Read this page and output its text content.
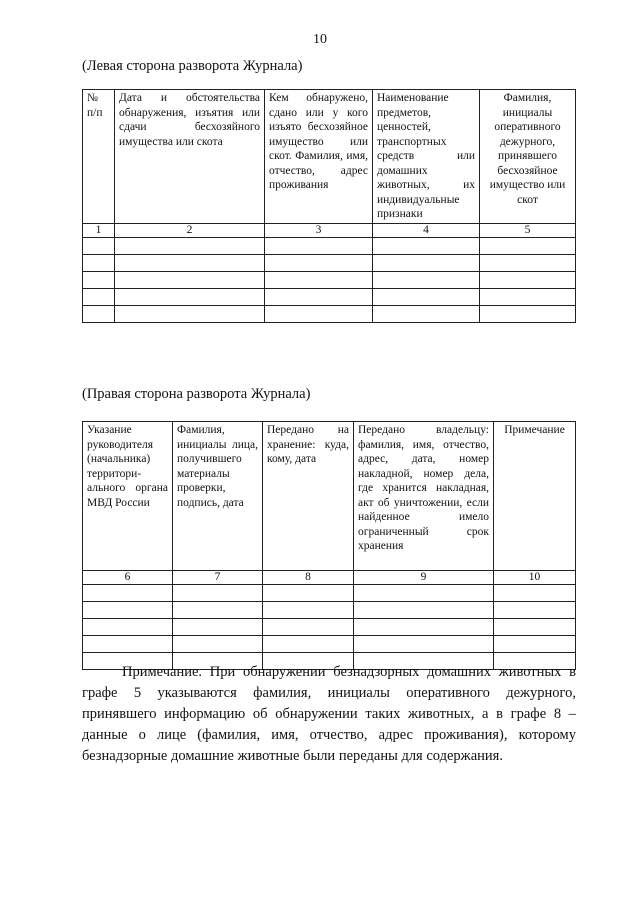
10
(Левая сторона разворота Журнала)
№ п/п	Дата и обстоятельства обнаружения, изъятия или сдачи бесхозяйного имущества или скота	Кем обнаружено, сдано или у кого изъято бесхозяйное имущество или скот. Фамилия, имя, отчество, адрес проживания	Наименование предметов, ценностей, транспортных средств или домашних животных, их индивидуальные признаки	Фамилия, инициалы оперативного дежурного, принявшего бесхозяйное имущество или скот
1	2	3	4	5

(Правая сторона разворота Журнала)
Указание руководителя (начальника) территори-ального органа МВД России	Фамилия, инициалы лица, получившего материалы проверки, подпись, дата	Передано на хранение: куда, кому, дата	Передано владельцу: фамилия, имя, отчество, адрес, дата, номер накладной, номер дела, где хранится накладная, акт об уничтожении, если найденное имело ограниченный срок хранения	Примечание
6	7	8	9	10

Примечание. При обнаружении безнадзорных домашних животных в графе 5 указываются фамилия, инициалы оперативного дежурного, принявшего информацию об обнаружении таких животных, а в графе 8 – данные о лице (фамилия, имя, отчество, адрес проживания), которому безнадзорные домашние животные были переданы для содержания.
